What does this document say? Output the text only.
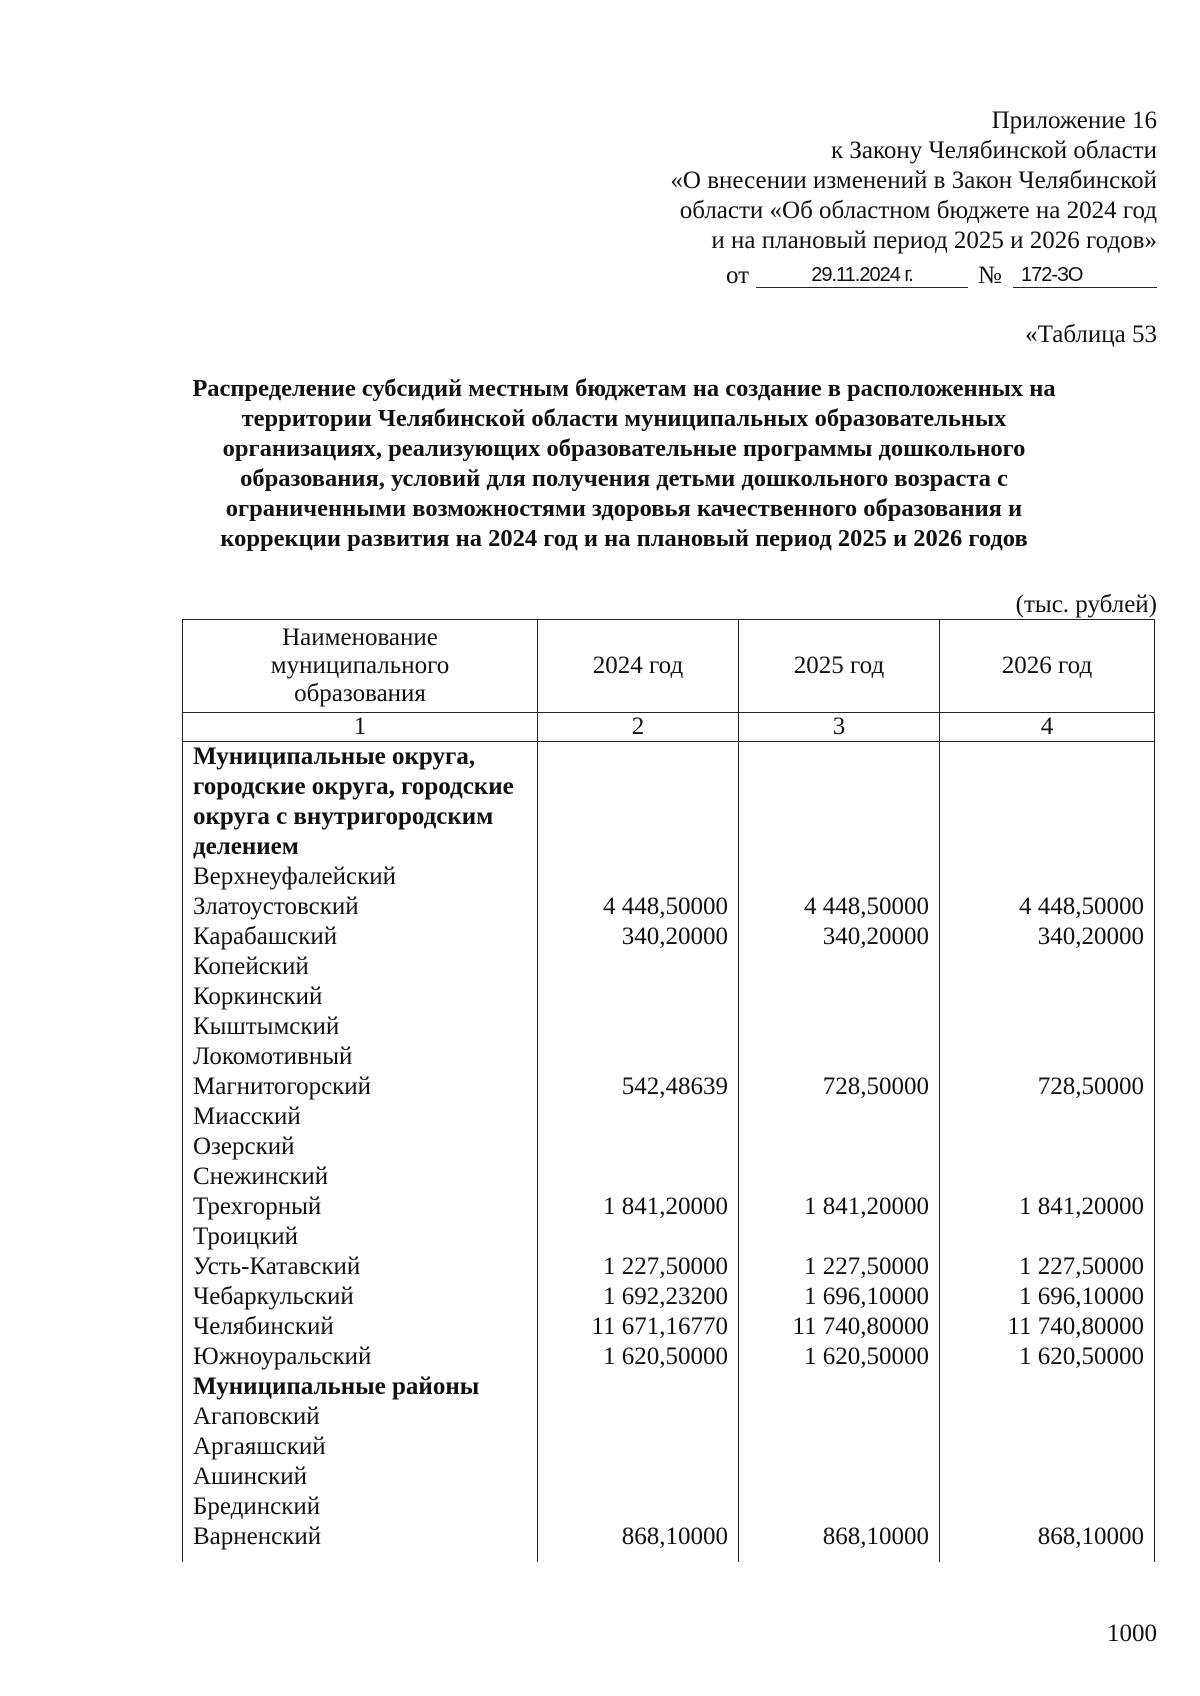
Приложение 16
к Закону Челябинской области
«О внесении изменений в Закон Челябинской
области «Об областном бюджете на 2024 год
и на плановый период 2025 и 2026 годов»
от	29.11.2024 г.	№ 172-ЗО
«Таблица 53
Распределение субсидий местным бюджетам на создание в расположенных на
территории Челябинской области муниципальных образовательных
организациях, реализующих образовательные программы дошкольного
образования, условий для получения детьми дошкольного возраста с
ограниченными возможностями здоровья качественного образования и
коррекции развития на 2024 год и на плановый период 2025 и 2026 годов
(тыс. рублей)
Наименование муниципального образования	2024 год	2025 год	2026 год
1	2	3	4
Муниципальные округа, городские округа, городские округа с внутригородским делением			
Верхнеуфалейский			
Златоустовский	4 448,50000	4 448,50000	4 448,50000
Карабашский	340,20000	340,20000	340,20000
Копейский			
Коркинский			
Кыштымский			
Локомотивный			
Магнитогорский	542,48639	728,50000	728,50000
Миасский			
Озерский			
Снежинский			
Трехгорный	1 841,20000	1 841,20000	1 841,20000
Троицкий			
Усть-Катавский	1 227,50000	1 227,50000	1 227,50000
Чебаркульский	1 692,23200	1 696,10000	1 696,10000
Челябинский	11 671,16770	11 740,80000	11 740,80000
Южноуральский	1 620,50000	1 620,50000	1 620,50000
Муниципальные районы			
Агаповский			
Аргаяшский			
Ашинский			
Брединский			
Варненский	868,10000	868,10000	868,10000
1000
